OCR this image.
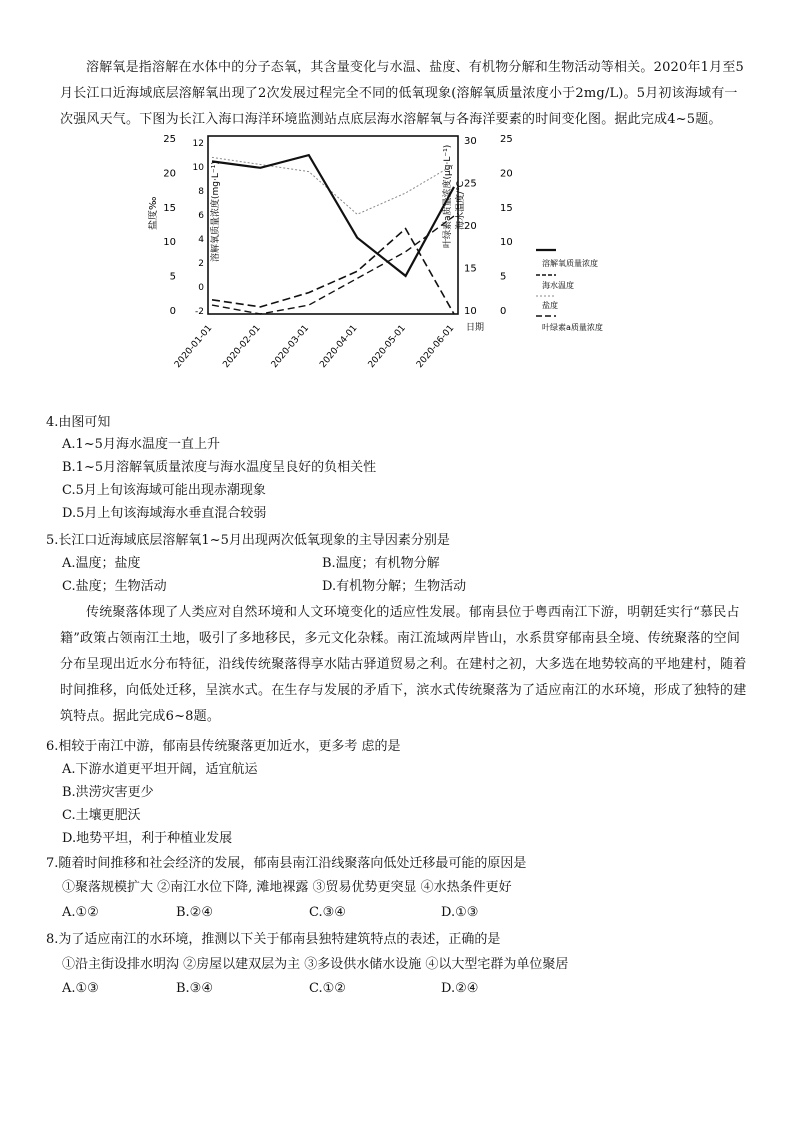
溶解氧是指溶解在水体中的分子态氧，其含量变化与水温、盐度、有机物分解和生物活动等相关。2020年1月至5月长江口近海域底层溶解氧出现了2次发展过程完全不同的低氧现象(溶解氧质量浓度小于2mg/L)。5月初该海域有一次强风天气。下图为长江入海口海洋环境监测站点底层海水溶解氧与各海洋要素的时间变化图。据此完成4~5题。

盐度‰
25
20
15
10
5
0
溶解氧质量浓度(mg·L⁻¹)
12
10
8
6
4
2
0
-2
30
25
20
15
10
海水温度/℃
25
20
15
10
5
0
叶绿素a质量浓度(μg·L⁻¹)
2020-01-01 2020-02-01 2020-03-01 2020-04-01 2020-05-01 2020-06-01 日期
溶解氧质量浓度
海水温度
盐度
叶绿素a质量浓度

4.由图可知

A.1~5月海水温度一直上升

B.1~5月溶解氧质量浓度与海水温度呈良好的负相关性

C.5月上旬该海域可能出现赤潮现象

D.5月上旬该海域海水垂直混合较弱

5.长江口近海域底层溶解氧1~5月出现两次低氧现象的主导因素分别是

A.温度；盐度	B.温度；有机物分解

C.盐度；生物活动	D.有机物分解；生物活动

传统聚落体现了人类应对自然环境和人文环境变化的适应性发展。郁南县位于粤西南江下游，明朝廷实行“慕民占籍”政策占领南江土地，吸引了多地移民，多元文化杂糅。南江流域两岸皆山，水系贯穿郁南县全境、传统聚落的空间分布呈现出近水分布特征，沿线传统聚落得享水陆古驿道贸易之利。在建村之初，大多选在地势较高的平地建村，随着时间推移，向低处迁移，呈滨水式。在生存与发展的矛盾下，滨水式传统聚落为了适应南江的水环境，形成了独特的建筑特点。据此完成6~8题。

6.相较于南江中游，郁南县传统聚落更加近水，更多考 虑的是

A.下游水道更平坦开阔，适宜航运

B.洪涝灾害更少

C.土壤更肥沃

D.地势平坦，利于种植业发展

7.随着时间推移和社会经济的发展，郁南县南江沿线聚落向低处迁移最可能的原因是

①聚落规模扩大 ②南江水位下降, 滩地裸露 ③贸易优势更突显 ④水热条件更好

A.①②	B.②④	C.③④	D.①③

8.为了适应南江的水环境，推测以下关于郁南县独特建筑特点的表述，正确的是

①沿主街设排水明沟 ②房屋以建双层为主 ③多设供水储水设施 ④以大型宅群为单位聚居

A.①③	B.③④	C.①②	D.②④
